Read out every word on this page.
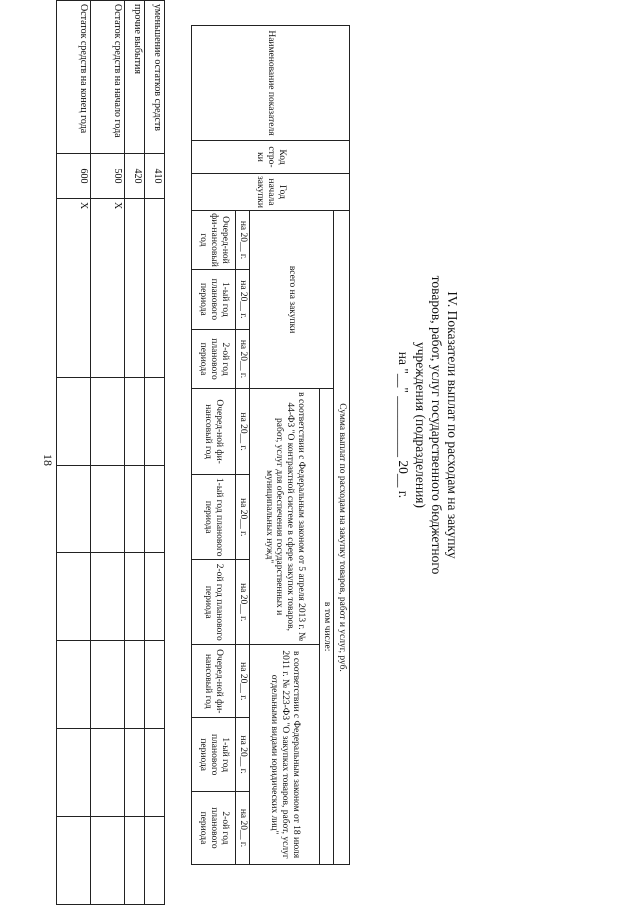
18
уменьшение остатков средств	410							
прочие выбытия	420							
Остаток средств на начало года	500	X						
Остаток средств на конец года	600	X						
IV. Показатели выплат по расходам на закупку
товаров, работ, услуг государственного бюджетного
учреждения (подразделения)
на "__" _________ 20__ г.
Наименование показателя	Код стро-ки	Год начала закупки	Сумма выплат по расходам на закупку товаров, работ и услуг, руб.								
			всего на закупки			в том числе:					
						в соответствии с Федеральным законом от 5 апреля 2013 г. № 44-ФЗ "О контрактной системе в сфере закупок товаров, работ, услуг для обеспечения государственных и муниципальных нужд"			в соответствии с Федеральным законом от 18 июля 2011 г. № 223-ФЗ "О закупках товаров, работ, услуг отдельными видами юридических лиц"		
			на 20__ г.	на 20__ г.	на 20__ г.	на 20__ г.	на 20__ г.	на 20__ г.	на 20__ г.	на 20__ г.	на 20__ г.
			Очеред-ной фи-нансовый год	1-ый год планового периода	2-ой год планового периода	Очеред-ной фи-нансовый год	1-ый год планового периода	2-ой год планового периода	Очеред-ной фи-нансовый год	1-ый год планового периода	2-ой год планового периода
